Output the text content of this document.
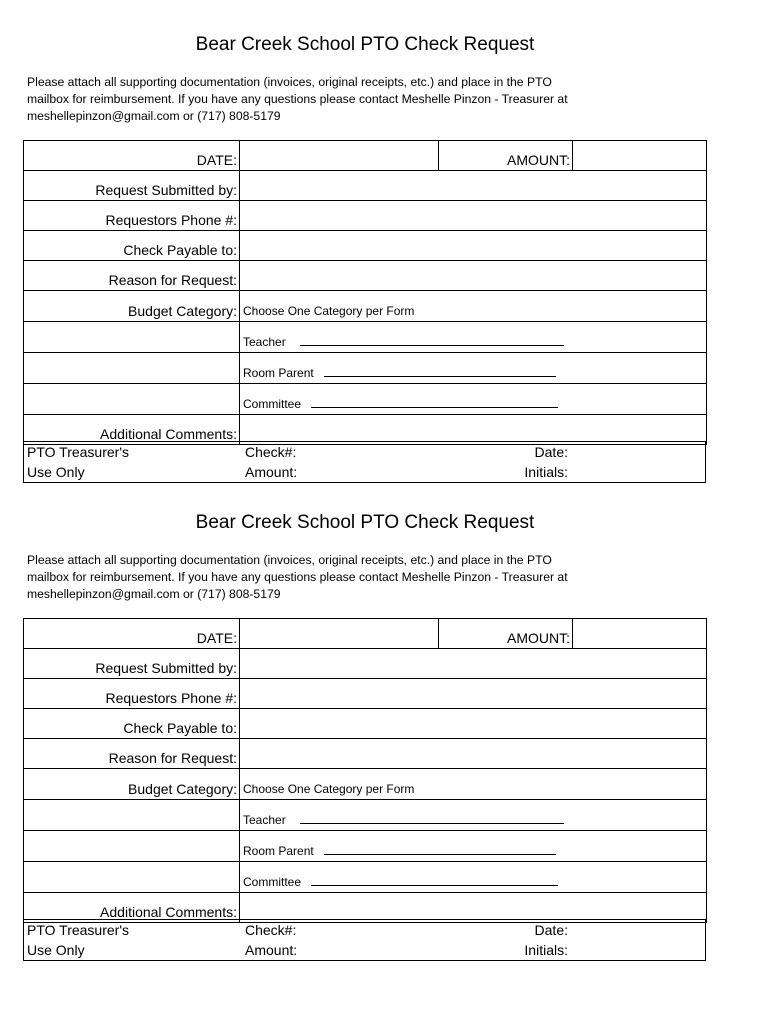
Bear Creek School PTO Check Request
Please attach all supporting documentation (invoices, original receipts, etc.) and place in the PTO
mailbox for reimbursement. If you have any questions please contact Meshelle Pinzon - Treasurer at
meshellepinzon@gmail.com or (717) 808-5179
DATE:		AMOUNT:	
Request Submitted by:			
Requestors Phone #:			
Check Payable to:			
Reason for Request:			
Budget Category:	Choose One Category per Form		
	Teacher		
	Room Parent		
	Committee		
Additional Comments:			
PTO Treasurer's	Check#:	Date:
Use Only	Amount:	Initials:
Bear Creek School PTO Check Request
Please attach all supporting documentation (invoices, original receipts, etc.) and place in the PTO
mailbox for reimbursement. If you have any questions please contact Meshelle Pinzon - Treasurer at
meshellepinzon@gmail.com or (717) 808-5179
DATE:		AMOUNT:	
Request Submitted by:			
Requestors Phone #:			
Check Payable to:			
Reason for Request:			
Budget Category:	Choose One Category per Form		
	Teacher		
	Room Parent		
	Committee		
Additional Comments:			
PTO Treasurer's	Check#:	Date:
Use Only	Amount:	Initials:
